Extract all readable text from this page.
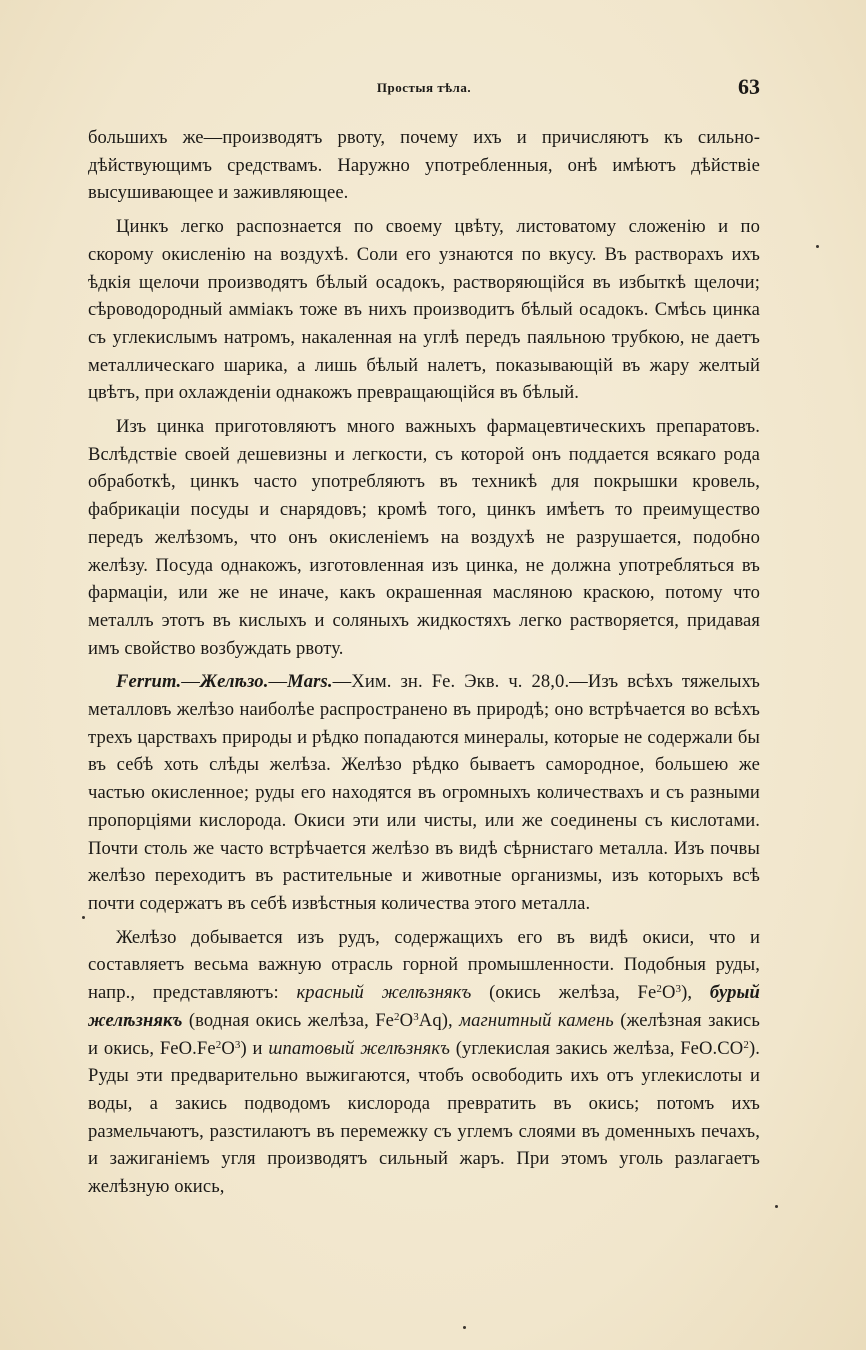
Простыя тѣла.	63

большихъ же—производятъ рвоту, почему ихъ и причисляютъ къ сильно-дѣйствующимъ средствамъ. Наружно употребленныя, онѣ имѣютъ дѣйствіе высушивающее и заживляющее.

Цинкъ легко распознается по своему цвѣту, листоватому сложенію и по скорому окисленію на воздухѣ. Соли его узнаются по вкусу. Въ растворахъ ихъ ѣдкія щелочи производятъ бѣлый осадокъ, растворяющійся въ избыткѣ щелочи; сѣроводородный аммiакъ тоже въ нихъ производитъ бѣлый осадокъ. Смѣсь цинка съ углекислымъ натромъ, накаленная на углѣ передъ паяльною трубкою, не даетъ металлическаго шарика, а лишь бѣлый налетъ, показывающій въ жару желтый цвѣтъ, при охлажденіи однакожъ превращающійся въ бѣлый.

Изъ цинка приготовляютъ много важныхъ фармацевтическихъ препаратовъ. Вслѣдствіе своей дешевизны и легкости, съ которой онъ поддается всякаго рода обработкѣ, цинкъ часто употребляютъ въ техникѣ для покрышки кровель, фабрикаціи посуды и снарядовъ; кромѣ того, цинкъ имѣетъ то преимущество передъ желѣзомъ, что онъ окисленіемъ на воздухѣ не разрушается, подобно желѣзу. Посуда однакожъ, изготовленная изъ цинка, не должна употребляться въ фармаціи, или же не иначе, какъ окрашенная масляною краскою, потому что металлъ этотъ въ кислыхъ и соляныхъ жидкостяхъ легко растворяется, придавая имъ свойство возбуждать рвоту.

Ferrum.—Желѣзо.—Mars.—Хим. зн. Fe. Экв. ч. 28,0.—Изъ всѣхъ тяжелыхъ металловъ желѣзо наиболѣе распространено въ природѣ; оно встрѣчается во всѣхъ трехъ царствахъ природы и рѣдко попадаются минералы, которые не содержали бы въ себѣ хоть слѣды желѣза. Желѣзо рѣдко бываетъ самородное, большею же частью окисленное; руды его находятся въ огромныхъ количествахъ и съ разными пропорціями кислорода. Окиси эти или чисты, или же соединены съ кислотами. Почти столь же часто встрѣчается желѣзо въ видѣ сѣрнистаго металла. Изъ почвы желѣзо переходитъ въ растительные и животные организмы, изъ которыхъ всѣ почти содержатъ въ себѣ извѣстныя количества этого металла.

Желѣзо добывается изъ рудъ, содержащихъ его въ видѣ окиси, что и составляетъ весьма важную отрасль горной промышленности. Подобныя руды, напр., представляютъ: красный желѣзнякъ (окись желѣза, $Fe^2O^3$), бурый желѣзнякъ (водная окись желѣза, $Fe^2O^3Aq$), магнитный камень (желѣзная закись и окись, $FeO.Fe^2O^3$) и шпатовый желѣзнякъ (углекислая закись желѣза, $FeO.CO^2$). Руды эти предварительно выжигаются, чтобъ освободить ихъ отъ углекислоты и воды, а закись подводомъ кислорода превратить въ окись; потомъ ихъ размельчаютъ, разстилаютъ въ перемежку съ углемъ слоями въ доменныхъ печахъ, и зажиганіемъ угля производятъ сильный жаръ. При этомъ уголь разлагаетъ желѣзную окись,
